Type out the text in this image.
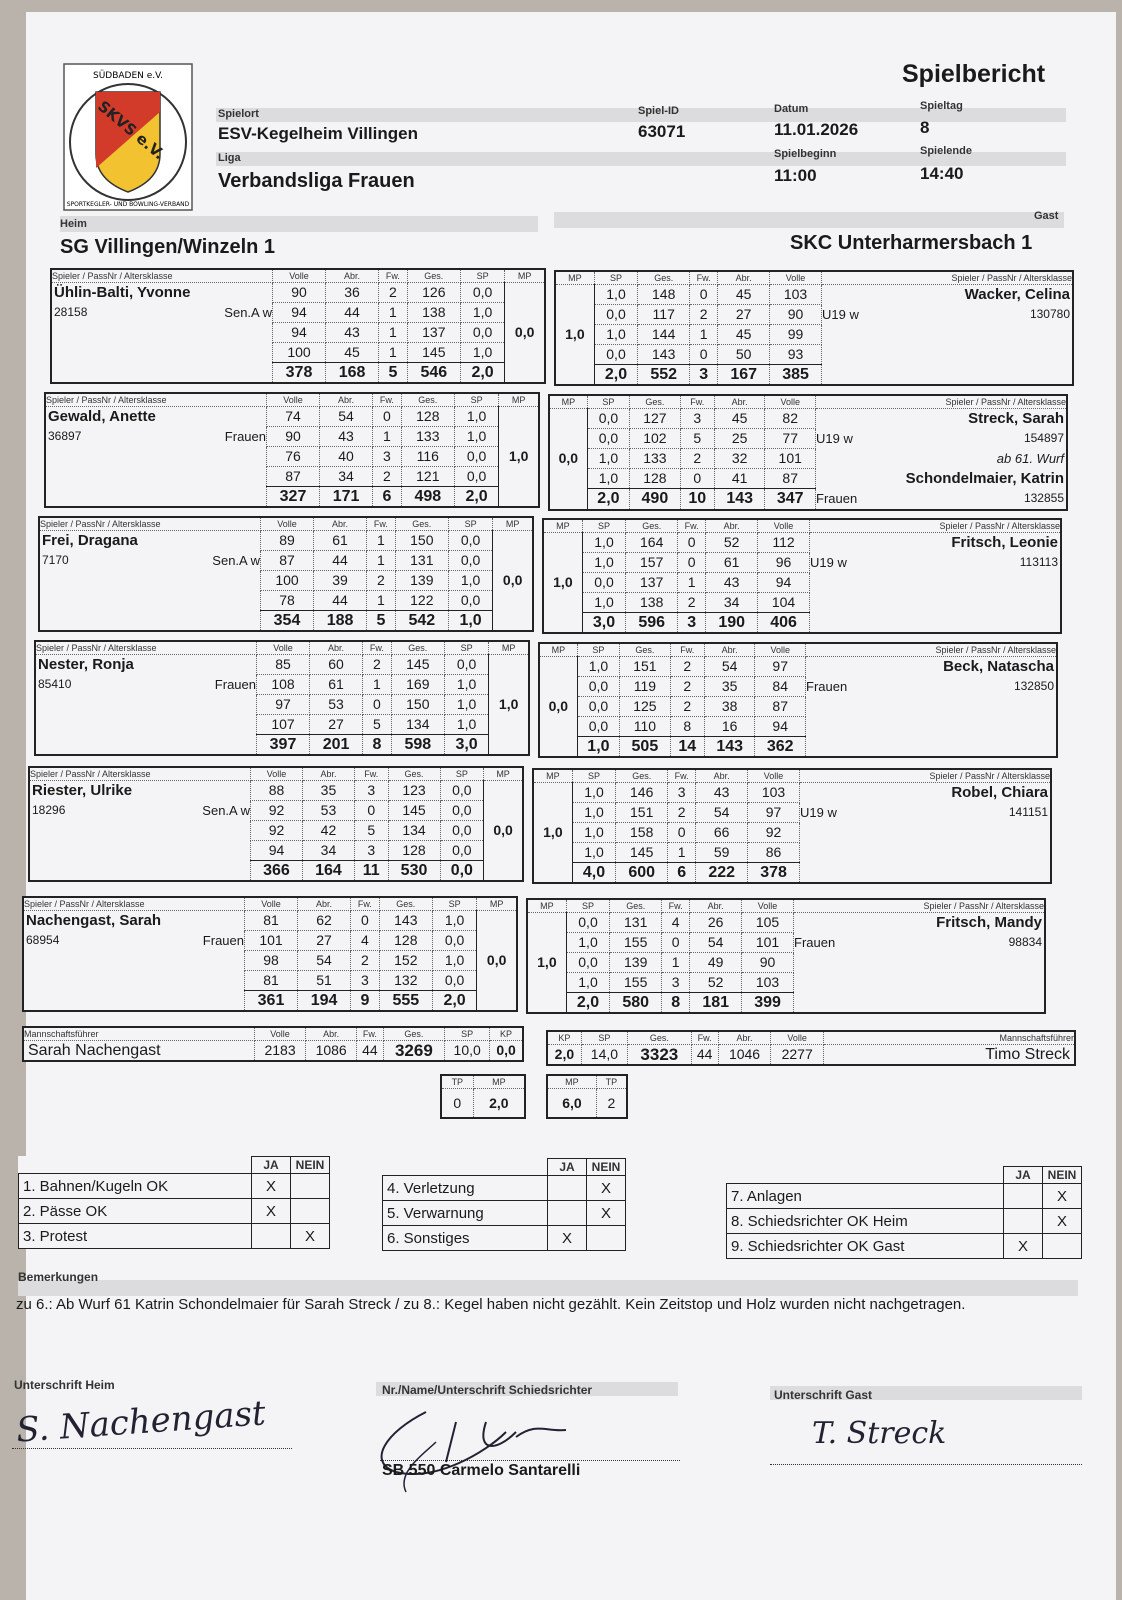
SÜDBADEN e.V.
SKVS e.V.
SPORTKEGLER- UND BOWLING-VERBAND
Spielbericht
Spielort	Spiel-ID	Datum	Spieltag
ESV-Kegelheim Villingen	63071	11.01.2026	8
Liga	Spielbeginn	Spielende
Verbandsliga Frauen	11:00	14:40
Heim
Gast
SG Villingen/Winzeln 1	SKC Unterharmersbach 1
Spieler / PassNr / Altersklasse	Volle	Abr.	Fw.	Ges.	SP	MP
Ühlin-Balti, Yvonne	90	36	2	126	0,0	0,0
28158 Sen.A w	94	44	1	138	1,0	
	94	43	1	137	0,0	
	100	45	1	145	1,0	
	378	168	5	546	2,0	
MP	SP	Ges.	Fw.	Abr.	Volle	Spieler / PassNr / Altersklasse
1,0	1,0	148	0	45	103	Wacker, Celina
	0,0	117	2	27	90	U19 w 130780

	1,0	144	1	45	99	
	0,0	143	0	50	93	
	2,0	552	3	167	385	
Spieler / PassNr / Altersklasse	Volle	Abr.	Fw.	Ges.	SP	MP
Gewald, Anette	74	54	0	128	1,0	1,0
36897 Frauen	90	43	1	133	1,0	
	76	40	3	116	0,0	
	87	34	2	121	0,0	
	327	171	6	498	2,0	
MP	SP	Ges.	Fw.	Abr.	Volle	Spieler / PassNr / Altersklasse
0,0	0,0	127	3	45	82	Streck, Sarah
	0,0	102	5	25	77	U19 w 154897

	1,0	133	2	32	101	ab 61. Wurf
	1,0	128	0	41	87	Schondelmaier, Katrin
	2,0	490	10	143	347	Frauen 132855
Spieler / PassNr / Altersklasse	Volle	Abr.	Fw.	Ges.	SP	MP
Frei, Dragana	89	61	1	150	0,0	0,0
7170 Sen.A w	87	44	1	131	0,0	
	100	39	2	139	1,0	
	78	44	1	122	0,0	
	354	188	5	542	1,0	
MP	SP	Ges.	Fw.	Abr.	Volle	Spieler / PassNr / Altersklasse
1,0	1,0	164	0	52	112	Fritsch, Leonie
	1,0	157	0	61	96	U19 w 113113

	0,0	137	1	43	94	
	1,0	138	2	34	104	
	3,0	596	3	190	406	
Spieler / PassNr / Altersklasse	Volle	Abr.	Fw.	Ges.	SP	MP
Nester, Ronja	85	60	2	145	0,0	1,0
85410 Frauen	108	61	1	169	1,0	
	97	53	0	150	1,0	
	107	27	5	134	1,0	
	397	201	8	598	3,0	
MP	SP	Ges.	Fw.	Abr.	Volle	Spieler / PassNr / Altersklasse
0,0	1,0	151	2	54	97	Beck, Natascha
	0,0	119	2	35	84	Frauen 132850

	0,0	125	2	38	87	
	0,0	110	8	16	94	
	1,0	505	14	143	362	
Spieler / PassNr / Altersklasse	Volle	Abr.	Fw.	Ges.	SP	MP
Riester, Ulrike	88	35	3	123	0,0	0,0
18296 Sen.A w	92	53	0	145	0,0	
	92	42	5	134	0,0	
	94	34	3	128	0,0	
	366	164	11	530	0,0	
MP	SP	Ges.	Fw.	Abr.	Volle	Spieler / PassNr / Altersklasse
1,0	1,0	146	3	43	103	Robel, Chiara
	1,0	151	2	54	97	U19 w 141151

	1,0	158	0	66	92	
	1,0	145	1	59	86	
	4,0	600	6	222	378	
Spieler / PassNr / Altersklasse	Volle	Abr.	Fw.	Ges.	SP	MP
Nachengast, Sarah	81	62	0	143	1,0	0,0
68954 Frauen	101	27	4	128	0,0	
	98	54	2	152	1,0	
	81	51	3	132	0,0	
	361	194	9	555	2,0	
MP	SP	Ges.	Fw.	Abr.	Volle	Spieler / PassNr / Altersklasse
1,0	0,0	131	4	26	105	Fritsch, Mandy
	1,0	155	0	54	101	Frauen 98834

	0,0	139	1	49	90	
	1,0	155	3	52	103	
	2,0	580	8	181	399	
Mannschaftsführer	Volle	Abr.	Fw.	Ges.	SP	KP
Sarah Nachengast	2183	1086	44	3269	10,0	0,0
KP	SP	Ges.	Fw.	Abr.	Volle	Mannschaftsführer
2,0	14,0	3323	44	1046	2277	Timo Streck
TP	MP
0	2,0
MP	TP
6,0	2
	JA	NEIN
1. Bahnen/Kugeln OK	X	
2. Pässe OK	X	
3. Protest		X
	JA	NEIN
4. Verletzung		X
5. Verwarnung		X
6. Sonstiges	X	
	JA	NEIN
7. Anlagen		X
8. Schiedsrichter OK Heim		X
9. Schiedsrichter OK Gast	X	
Bemerkungen
zu 6.: Ab Wurf 61 Katrin Schondelmaier für Sarah Streck / zu 8.: Kegel haben nicht gezählt. Kein Zeitstop und Holz wurden nicht nachgetragen.
Unterschrift Heim	Nr./Name/Unterschrift Schiedsrichter	Unterschrift Gast
S. Nachengast
SB 550 Carmelo Santarelli
T. Streck
